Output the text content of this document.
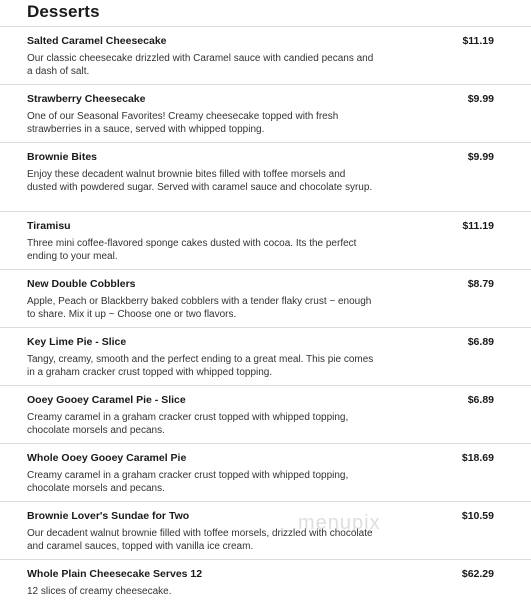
Desserts
Salted Caramel Cheesecake	$11.19
Our classic cheesecake drizzled with Caramel sauce with candied pecans and a dash of salt.
Strawberry Cheesecake	$9.99
One of our Seasonal Favorites! Creamy cheesecake topped with fresh strawberries in a sauce, served with whipped topping.
Brownie Bites	$9.99
Enjoy these decadent walnut brownie bites filled with toffee morsels and dusted with powdered sugar. Served with caramel sauce and chocolate syrup.
Tiramisu	$11.19
Three mini coffee-flavored sponge cakes dusted with cocoa. Its the perfect ending to your meal.
New Double Cobblers	$8.79
Apple, Peach or Blackberry baked cobblers with a tender flaky crust ~ enough to share. Mix it up ~ Choose one or two flavors.
Key Lime Pie - Slice	$6.89
Tangy, creamy, smooth and the perfect ending to a great meal. This pie comes in a graham cracker crust topped with whipped topping.
Ooey Gooey Caramel Pie - Slice	$6.89
Creamy caramel in a graham cracker crust topped with whipped topping, chocolate morsels and pecans.
Whole Ooey Gooey Caramel Pie	$18.69
Creamy caramel in a graham cracker crust topped with whipped topping, chocolate morsels and pecans.
Brownie Lover's Sundae for Two	$10.59
Our decadent walnut brownie filled with toffee morsels, drizzled with chocolate and caramel sauces, topped with vanilla ice cream.
Whole Plain Cheesecake Serves 12	$62.29
12 slices of creamy cheesecake.
menupix
